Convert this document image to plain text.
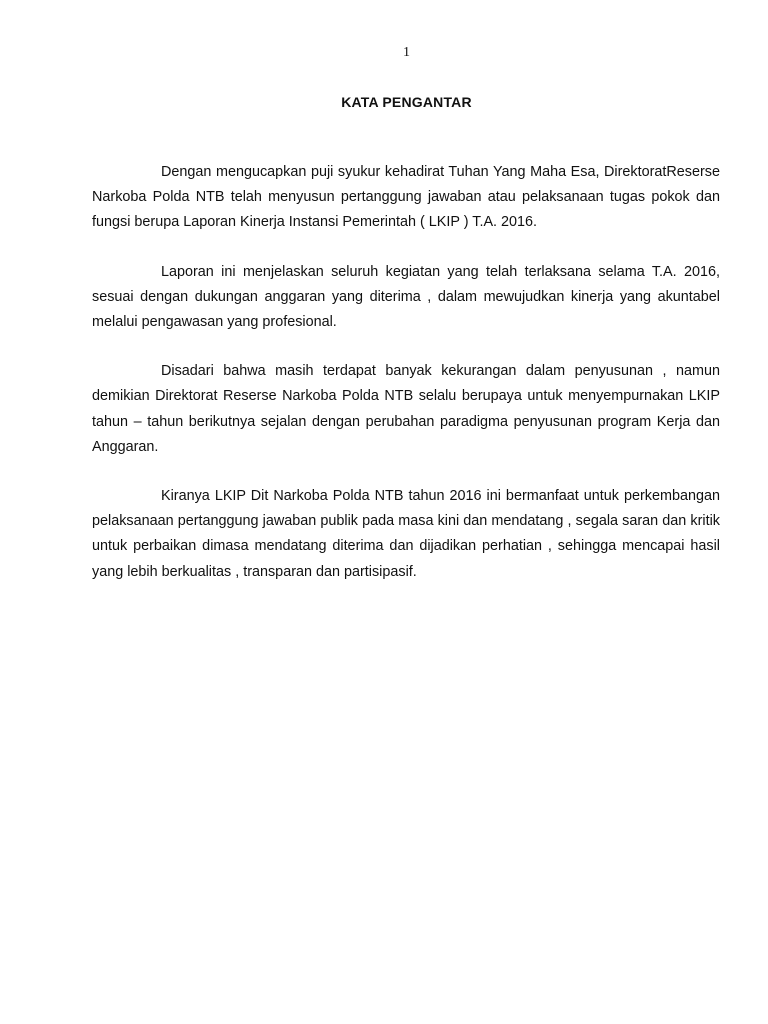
1
KATA PENGANTAR

Dengan mengucapkan puji syukur kehadirat Tuhan Yang Maha Esa, DirektoratReserse Narkoba Polda NTB telah menyusun pertanggung jawaban atau pelaksanaan tugas pokok dan fungsi berupa Laporan Kinerja Instansi Pemerintah ( LKIP ) T.A. 2016.

Laporan ini menjelaskan seluruh kegiatan yang telah terlaksana selama T.A. 2016, sesuai dengan dukungan anggaran yang diterima , dalam mewujudkan kinerja yang akuntabel melalui pengawasan yang profesional.

Disadari bahwa masih terdapat banyak kekurangan dalam penyusunan , namun demikian Direktorat Reserse Narkoba Polda NTB selalu berupaya untuk menyempurnakan LKIP tahun – tahun berikutnya sejalan dengan perubahan paradigma penyusunan program Kerja dan Anggaran.

Kiranya LKIP Dit Narkoba Polda NTB tahun 2016 ini bermanfaat untuk perkembangan pelaksanaan pertanggung jawaban publik pada masa kini dan mendatang , segala saran dan kritik untuk perbaikan dimasa mendatang diterima dan dijadikan perhatian , sehingga mencapai hasil yang lebih berkualitas , transparan dan partisipasif.
